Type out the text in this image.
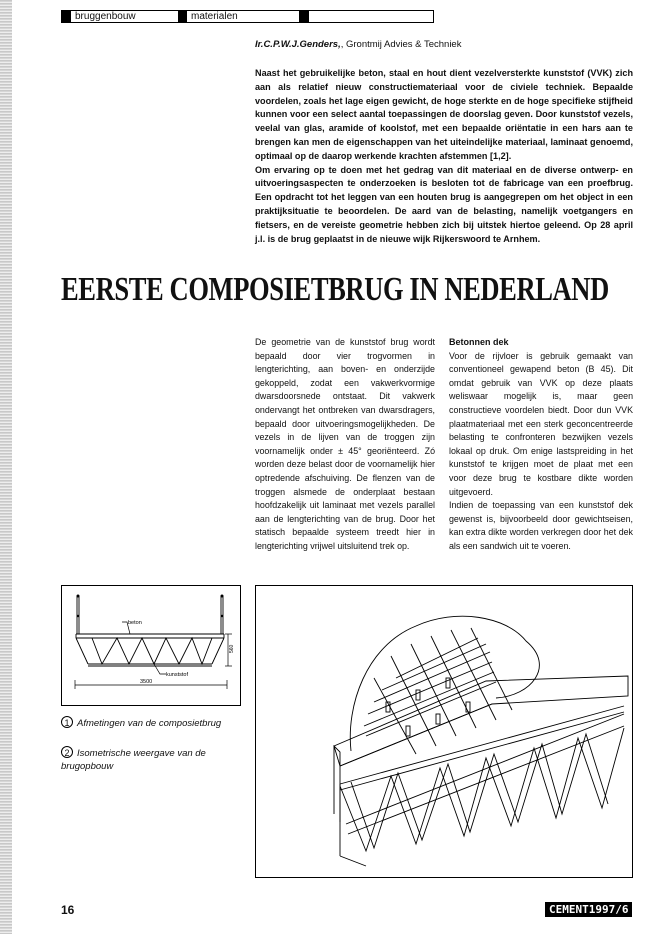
bruggenbouw	materialen
Ir.C.P.W.J.Genders,, Grontmij Advies & Techniek

Naast het gebruikelijke beton, staal en hout dient vezelversterkte kunststof (VVK) zich aan als relatief nieuw constructiemateriaal voor de civiele techniek. Bepaalde voordelen, zoals het lage eigen gewicht, de hoge sterkte en de hoge specifieke stijfheid kunnen voor een select aantal toepassingen de doorslag geven. Door kunststof vezels, veelal van glas, aramide of koolstof, met een bepaalde oriëntatie in een hars aan te brengen kan men de eigenschappen van het uiteindelijke materiaal, laminaat genoemd, optimaal op de daarop werkende krachten afstemmen [1,2].

Om ervaring op te doen met het gedrag van dit materiaal en de diverse ontwerp- en uitvoeringsaspecten te onderzoeken is besloten tot de fabricage van een proefbrug. Een opdracht tot het leggen van een houten brug is aangegrepen om het object in een praktijksituatie te beoordelen. De aard van de belasting, namelijk voetgangers en fietsers, en de vereiste geometrie hebben zich bij uitstek hiertoe geleend. Op 28 april j.l. is de brug geplaatst in de nieuwe wijk Rijkerswoord te Arnhem.

EERSTE COMPOSIETBRUG IN NEDERLAND

De geometrie van de kunststof brug wordt bepaald door vier trogvormen in lengterichting, aan boven- en onderzijde gekoppeld, zodat een vakwerkvormige dwarsdoorsnede ontstaat. Dit vakwerk ondervangt het ontbreken van dwarsdragers, bepaald door uitvoeringsmogelijkheden. De vezels in de lijven van de troggen zijn voornamelijk onder ± 45° georiënteerd. Zó worden deze belast door de voornamelijk hier optredende afschuiving. De flenzen van de troggen alsmede de onderplaat bestaan hoofdzakelijk uit laminaat met vezels parallel aan de lengterichting van de brug. Door het statisch bepaalde systeem treedt hier in lengterichting vrijwel uitsluitend trek op.

Betonnen dek

Voor de rijvloer is gebruik gemaakt van conventioneel gewapend beton (B 45). Dit omdat gebruik van VVK op deze plaats weliswaar mogelijk is, maar geen constructieve voordelen biedt. Door dun VVK plaatmateriaal met een sterk geconcentreerde belasting te confronteren bezwijken vezels lokaal op druk. Om enige lastspreiding in het kunststof te krijgen moet de plaat met een voor deze brug te kostbare dikte worden uitgevoerd.

Indien de toepassing van een kunststof dek gewenst is, bijvoorbeeld door gewichtseisen, kan extra dikte worden verkregen door het dek als een sandwich uit te voeren.

beton
kunststof
560
3500
1 Afmetingen van de composietbrug
2 Isometrische weergave van de brugopbouw
16	CEMENT1997/6
